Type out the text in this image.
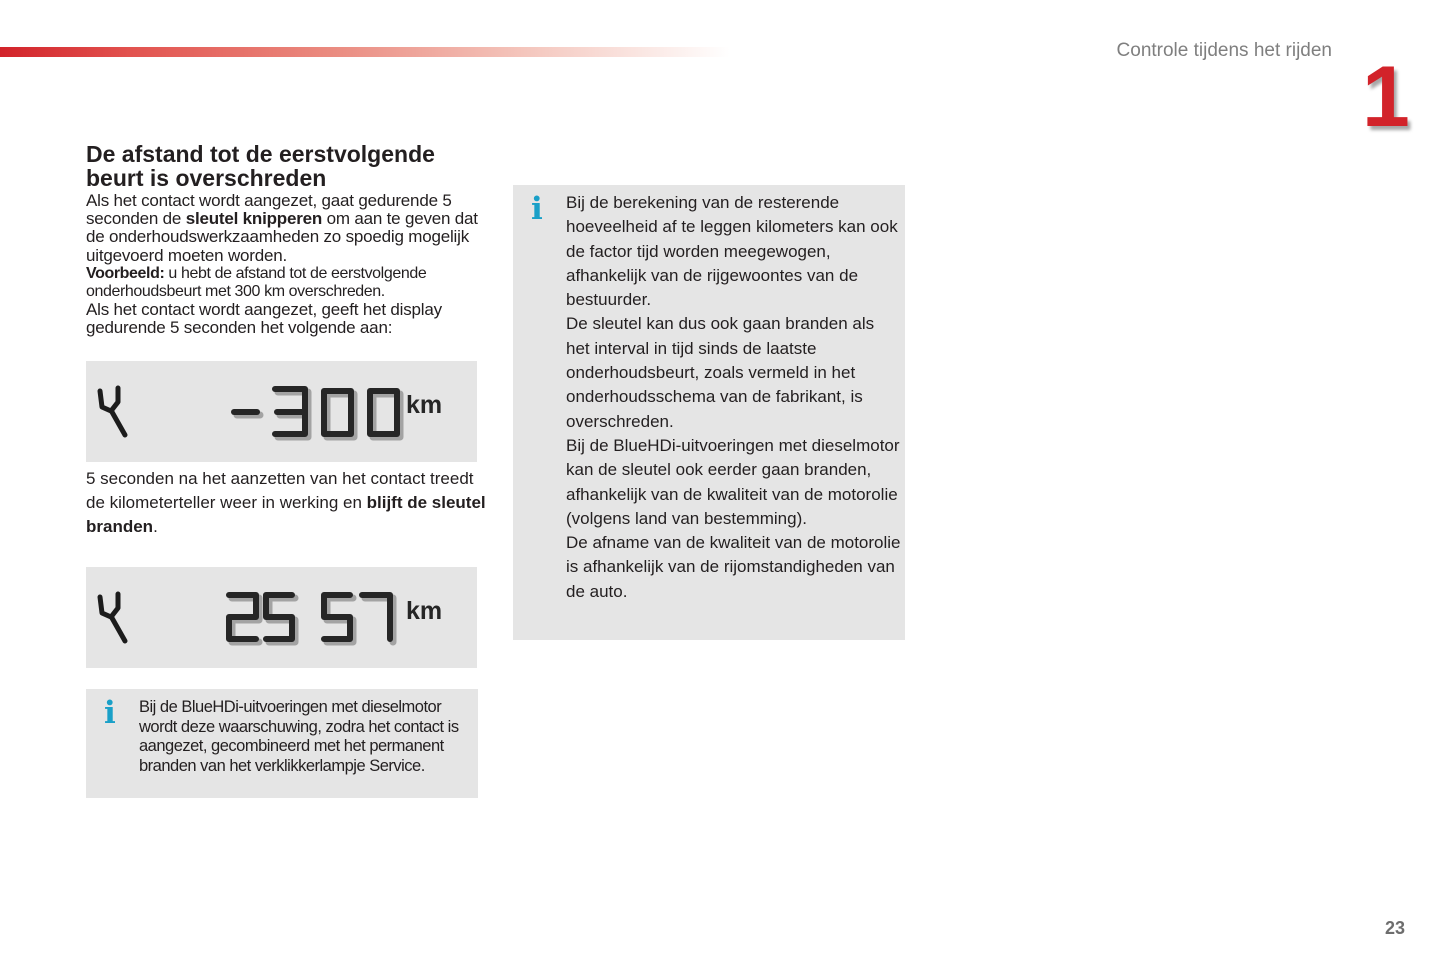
Controle tijdens het rijden 1
De afstand tot de eerstvolgende beurt is overschreden

Als het contact wordt aangezet, gaat gedurende 5 seconden de sleutel knipperen om aan te geven dat de onderhoudswerkzaamheden zo spoedig mogelijk uitgevoerd moeten worden.

Voorbeeld: u hebt de afstand tot de eerstvolgende onderhoudsbeurt met 300 km overschreden.

Als het contact wordt aangezet, geeft het display gedurende 5 seconden het volgende aan:

km
-300
5 seconden na het aanzetten van het contact treedt de kilometerteller weer in werking en blijft de sleutel branden.
km
2557
i Bij de BlueHDi-uitvoeringen met dieselmotor wordt deze waarschuwing, zodra het contact is aangezet, gecombineerd met het permanent branden van het verklikkerlampje Service.

i Bij de berekening van de resterende hoeveelheid af te leggen kilometers kan ook de factor tijd worden meegewogen, afhankelijk van de rijgewoontes van de bestuurder.

De sleutel kan dus ook gaan branden als het interval in tijd sinds de laatste onderhoudsbeurt, zoals vermeld in het onderhoudsschema van de fabrikant, is overschreden.

Bij de BlueHDi-uitvoeringen met dieselmotor kan de sleutel ook eerder gaan branden, afhankelijk van de kwaliteit van de motorolie (volgens land van bestemming).

De afname van de kwaliteit van de motorolie is afhankelijk van de rijomstandigheden van de auto.

23
